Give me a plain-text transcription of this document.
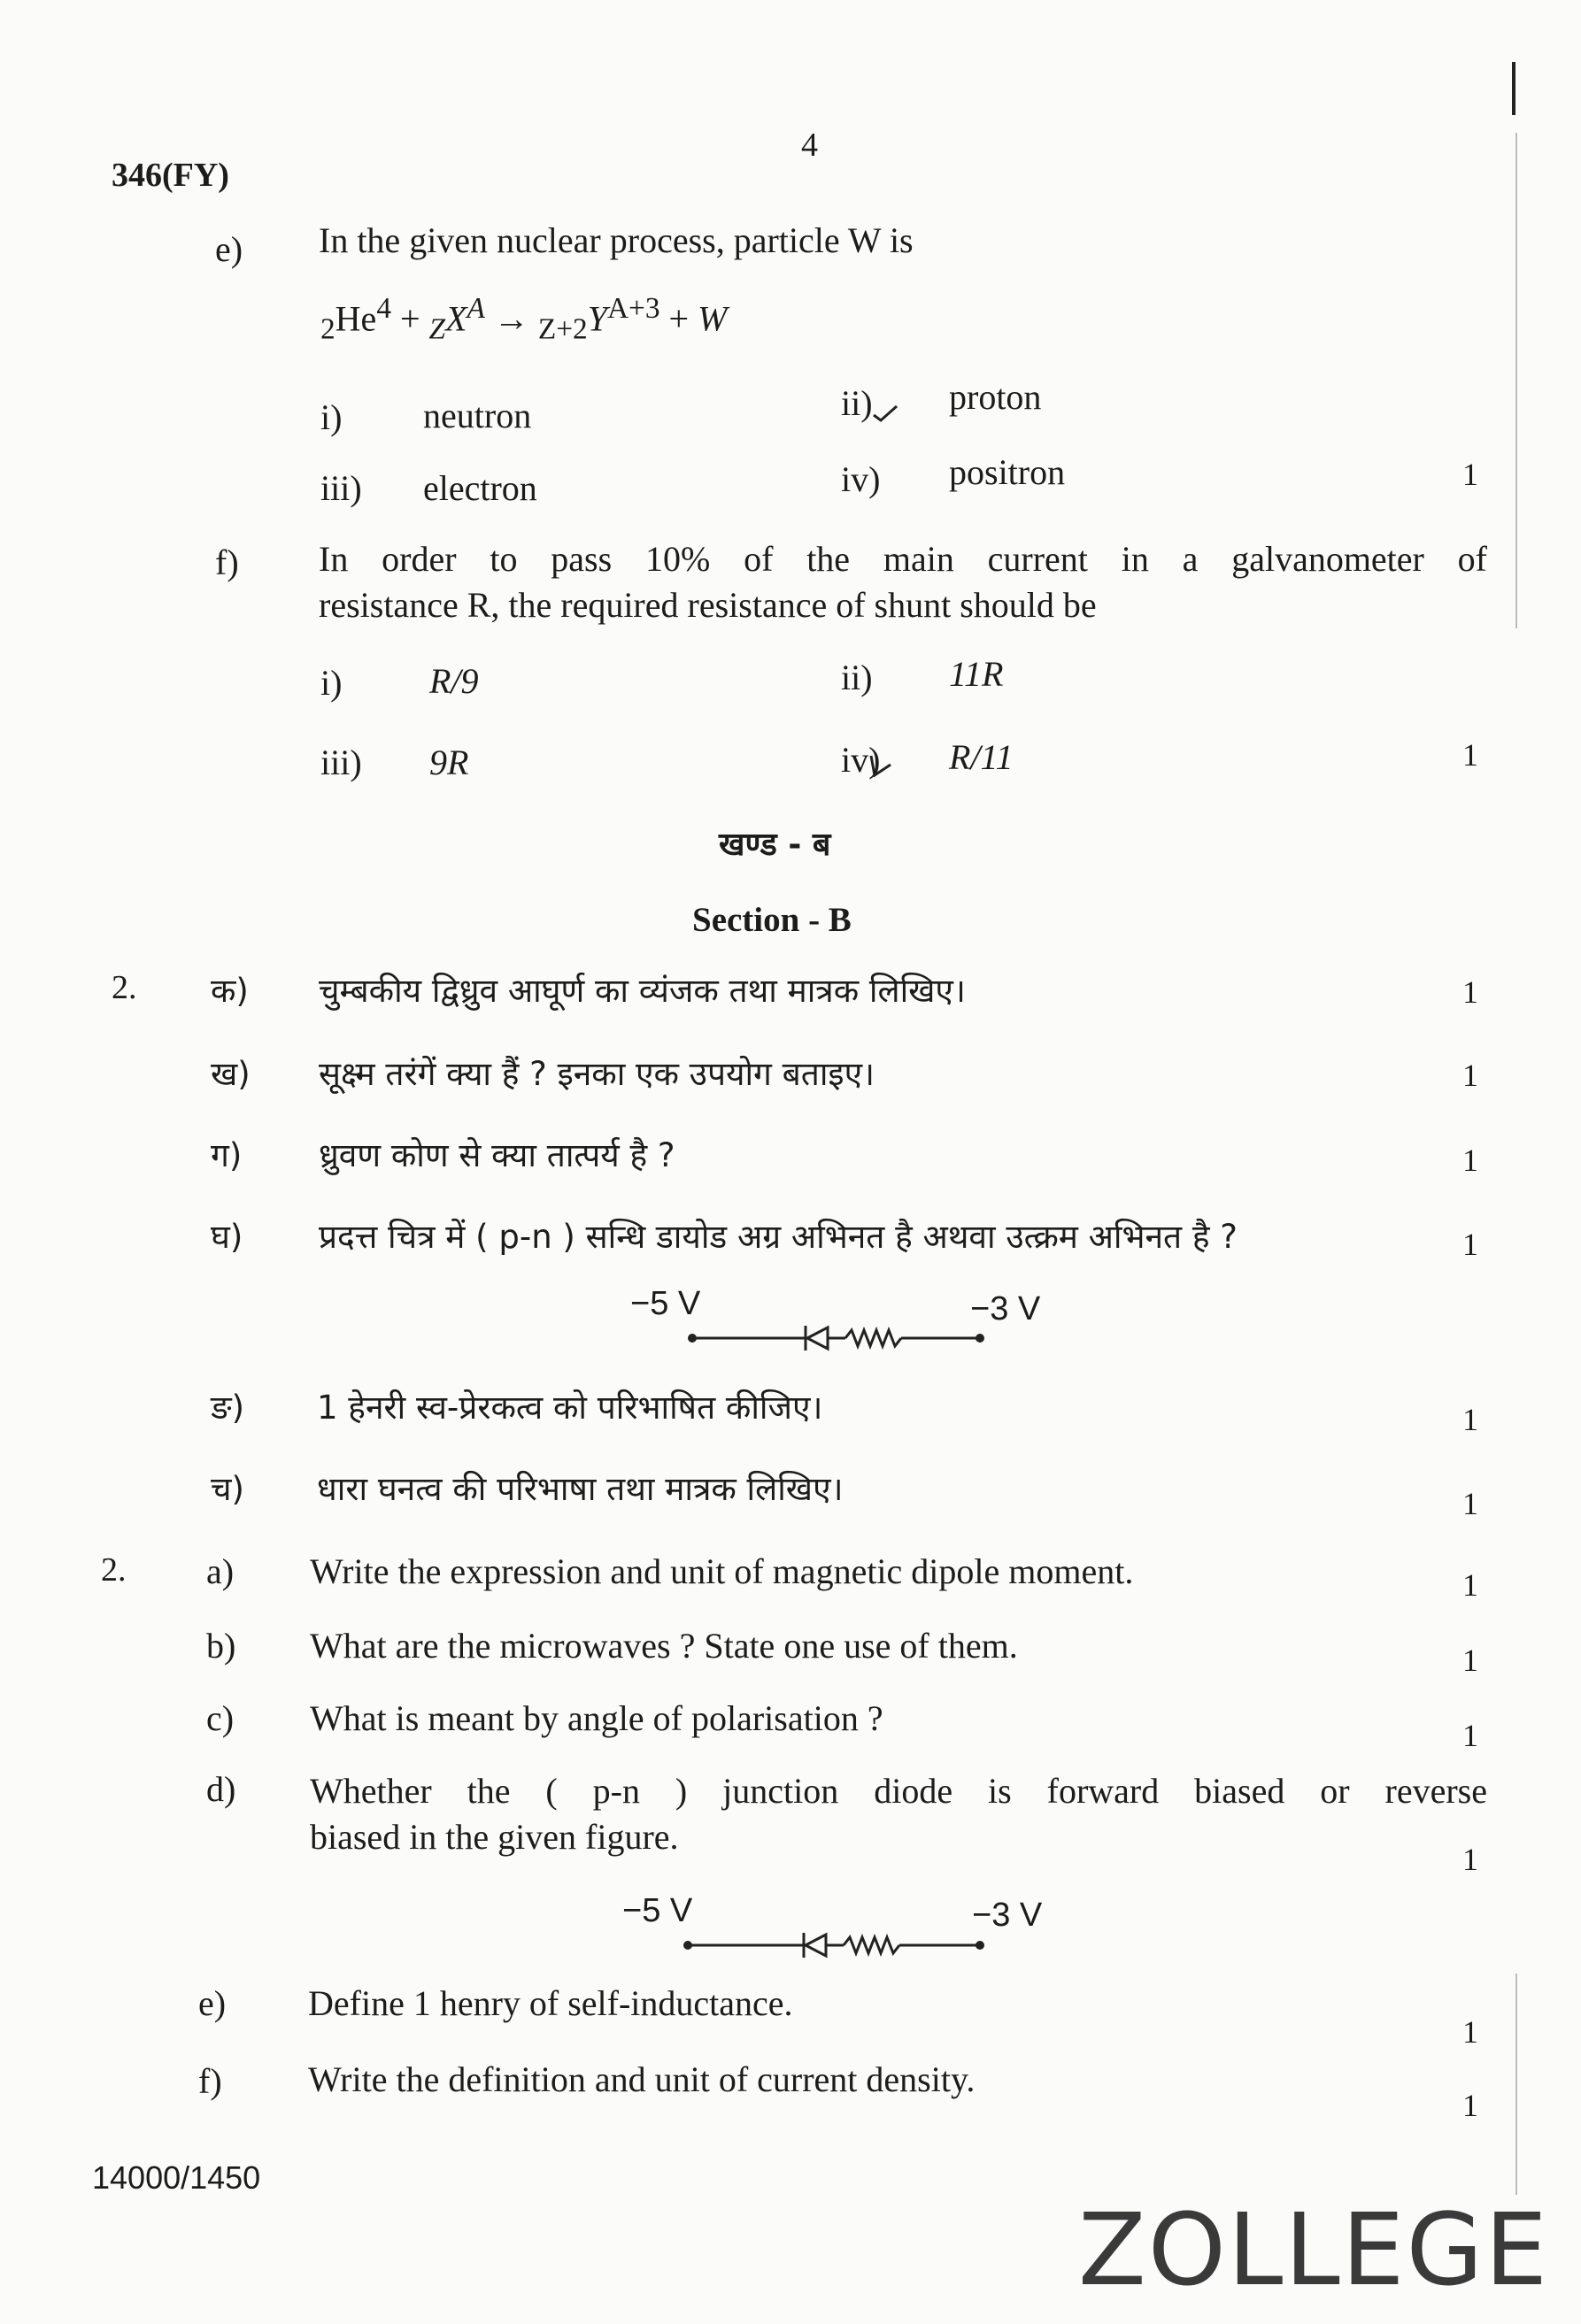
4
346(FY)
e) In the given nuclear process, particle W is
$_2He^4 + _ZX^A \to _{Z+2}Y^{A+3} + W$
i) neutron	ii) proton
iii) electron	iv) positron	1
f) In order to pass 10% of the main current in a galvanometer of
resistance R, the required resistance of shunt should be
i) R/9	ii) 11R
iii) 9R	iv) R/11	1
खण्ड - ब
Section - B
2. क) चुम्बकीय द्विध्रुव आघूर्ण का व्यंजक तथा मात्रक लिखिए।	1
ख) सूक्ष्म तरंगें क्या हैं ? इनका एक उपयोग बताइए।	1
ग) ध्रुवण कोण से क्या तात्पर्य है ?	1
घ) प्रदत्त चित्र में ( p-n ) सन्धि डायोड अग्र अभिनत है अथवा उत्क्रम अभिनत है ?	1
−5 V	−3 V
ङ) 1 हेनरी स्व-प्रेरकत्व को परिभाषित कीजिए।	1
च) धारा घनत्व की परिभाषा तथा मात्रक लिखिए।	1
2. a) Write the expression and unit of magnetic dipole moment.	1
b) What are the microwaves ? State one use of them.	1
c) What is meant by angle of polarisation ?	1
d) Whether the ( p-n ) junction diode is forward biased or reverse
biased in the given figure.
1
−5 V	−3 V
e) Define 1 henry of self-inductance.
1
f) Write the definition and unit of current density.
1
14000/1450
ZOLLEGE
